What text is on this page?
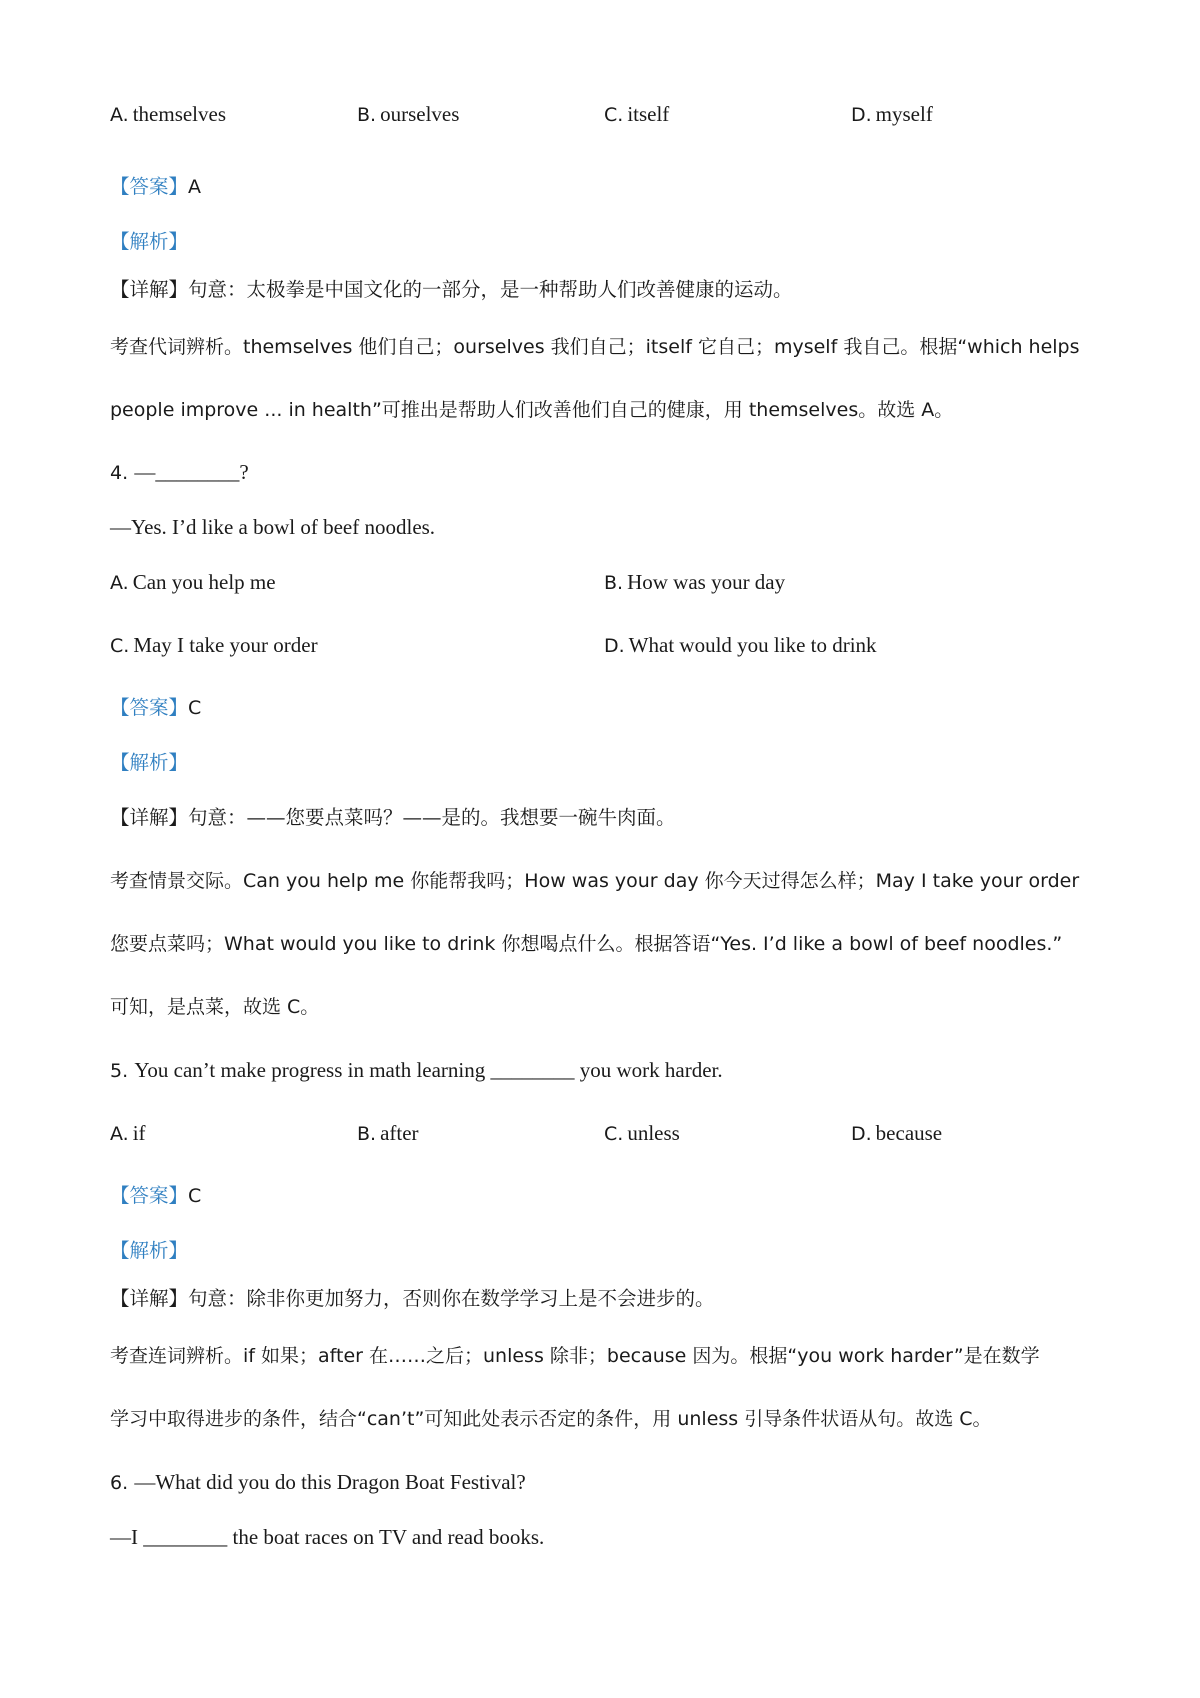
A. themselves	B. ourselves	C. itself	D. myself
【答案】A
【解析】
【详解】句意：太极拳是中国文化的一部分，是一种帮助人们改善健康的运动。
考查代词辨析。themselves 他们自己；ourselves 我们自己；itself 它自己；myself 我自己。根据“which helps
people improve ... in health”可推出是帮助人们改善他们自己的健康，用 themselves。故选 A。
4. —________?
—Yes. I’d like a bowl of beef noodles.
A. Can you help me	B. How was your day
C. May I take your order	D. What would you like to drink
【答案】C
【解析】
【详解】句意：——您要点菜吗？——是的。我想要一碗牛肉面。
考查情景交际。Can you help me 你能帮我吗；How was your day 你今天过得怎么样；May I take your order
您要点菜吗；What would you like to drink 你想喝点什么。根据答语“Yes. I’d like a bowl of beef noodles.”
可知，是点菜，故选 C。
5. You can’t make progress in math learning ________ you work harder.
A. if	B. after	C. unless	D. because
【答案】C
【解析】
【详解】句意：除非你更加努力，否则你在数学学习上是不会进步的。
考查连词辨析。if 如果；after 在……之后；unless 除非；because 因为。根据“you work harder”是在数学
学习中取得进步的条件，结合“can’t”可知此处表示否定的条件，用 unless 引导条件状语从句。故选 C。
6. —What did you do this Dragon Boat Festival?
—I ________ the boat races on TV and read books.
